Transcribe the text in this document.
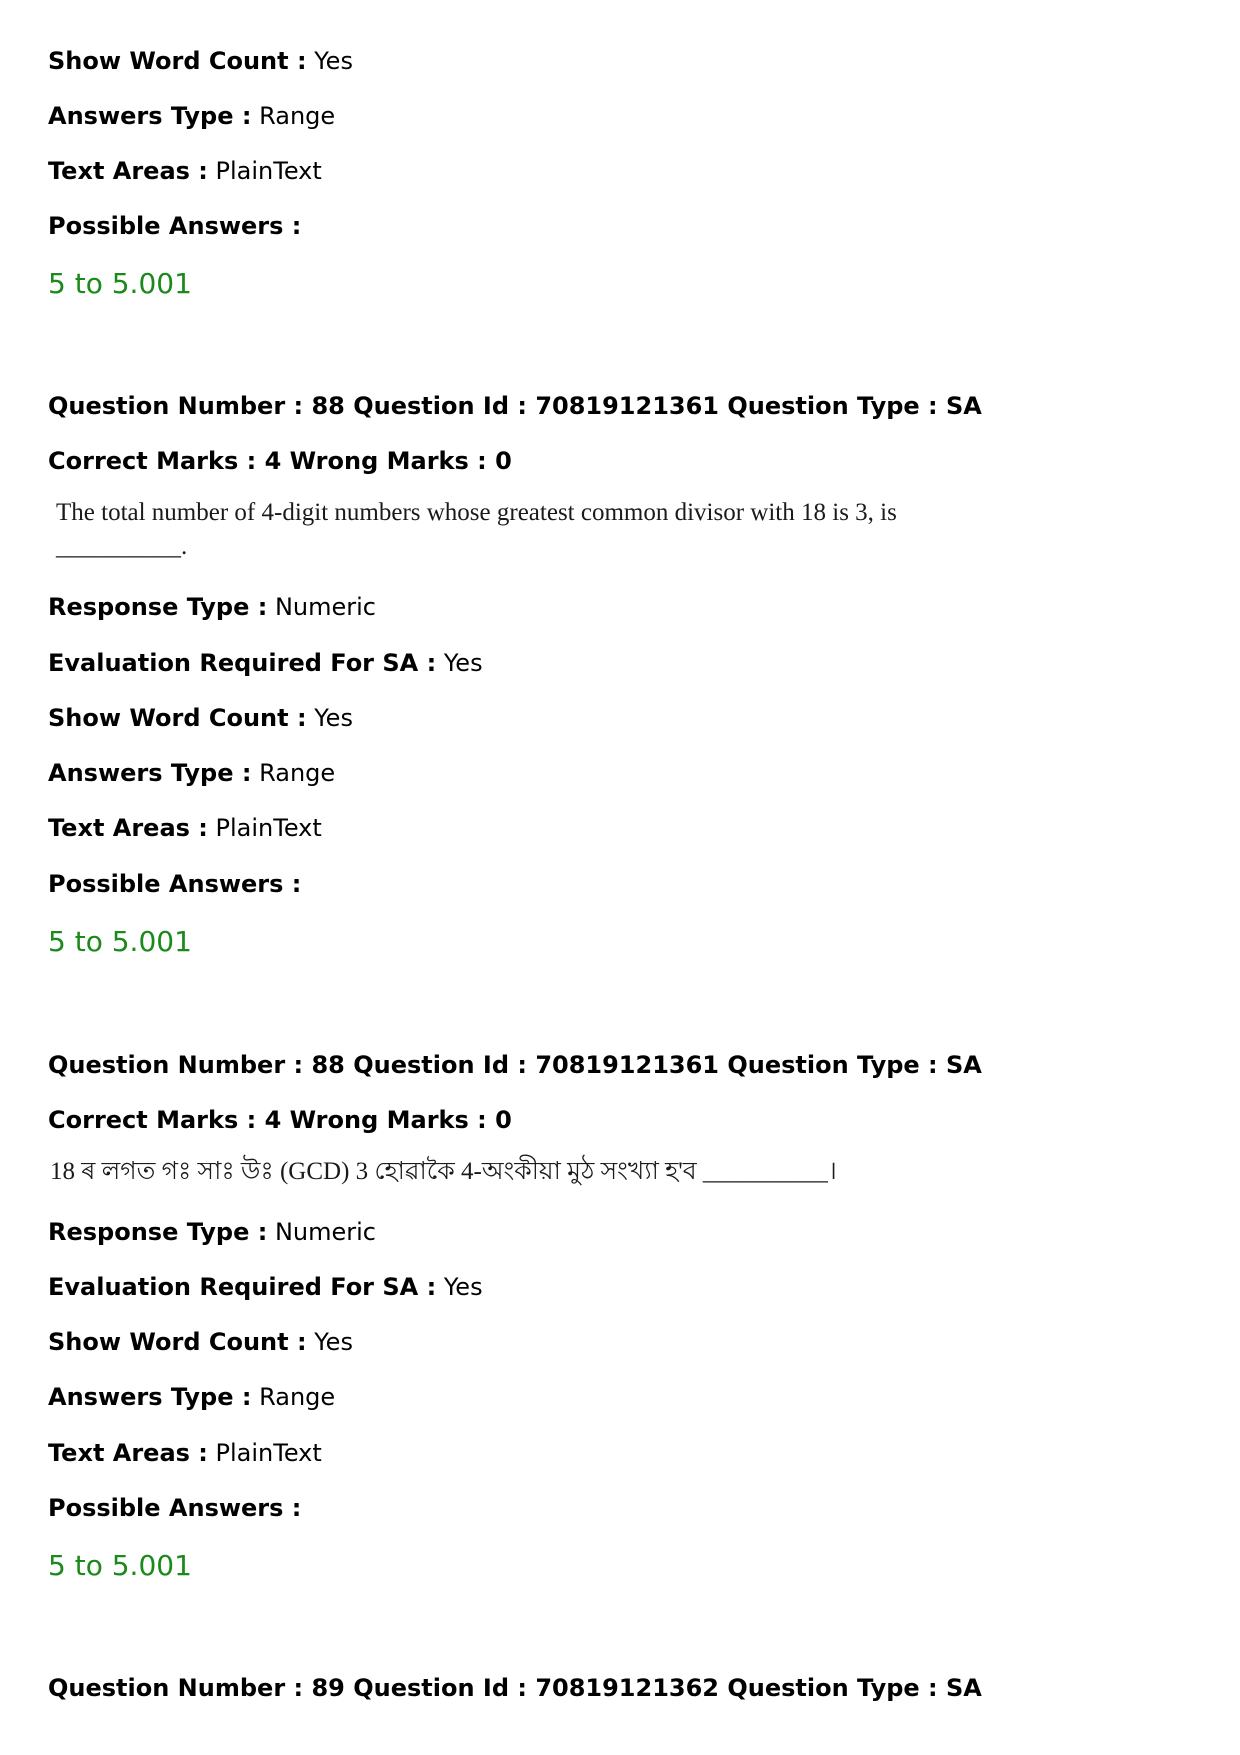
Show Word Count : Yes
Answers Type : Range
Text Areas : PlainText
Possible Answers :
5 to 5.001
Question Number : 88 Question Id : 70819121361 Question Type : SA
Correct Marks : 4 Wrong Marks : 0
The total number of 4-digit numbers whose greatest common divisor with 18 is 3, is
__________.
Response Type : Numeric
Evaluation Required For SA : Yes
Show Word Count : Yes
Answers Type : Range
Text Areas : PlainText
Possible Answers :
5 to 5.001
Question Number : 88 Question Id : 70819121361 Question Type : SA
Correct Marks : 4 Wrong Marks : 0
18 ৰ লগত গঃ সাঃ উঃ (GCD) 3 হোৱাকৈ 4-অংকীয়া মুঠ সংখ্যা হ'ব __________।
Response Type : Numeric
Evaluation Required For SA : Yes
Show Word Count : Yes
Answers Type : Range
Text Areas : PlainText
Possible Answers :
5 to 5.001
Question Number : 89 Question Id : 70819121362 Question Type : SA
